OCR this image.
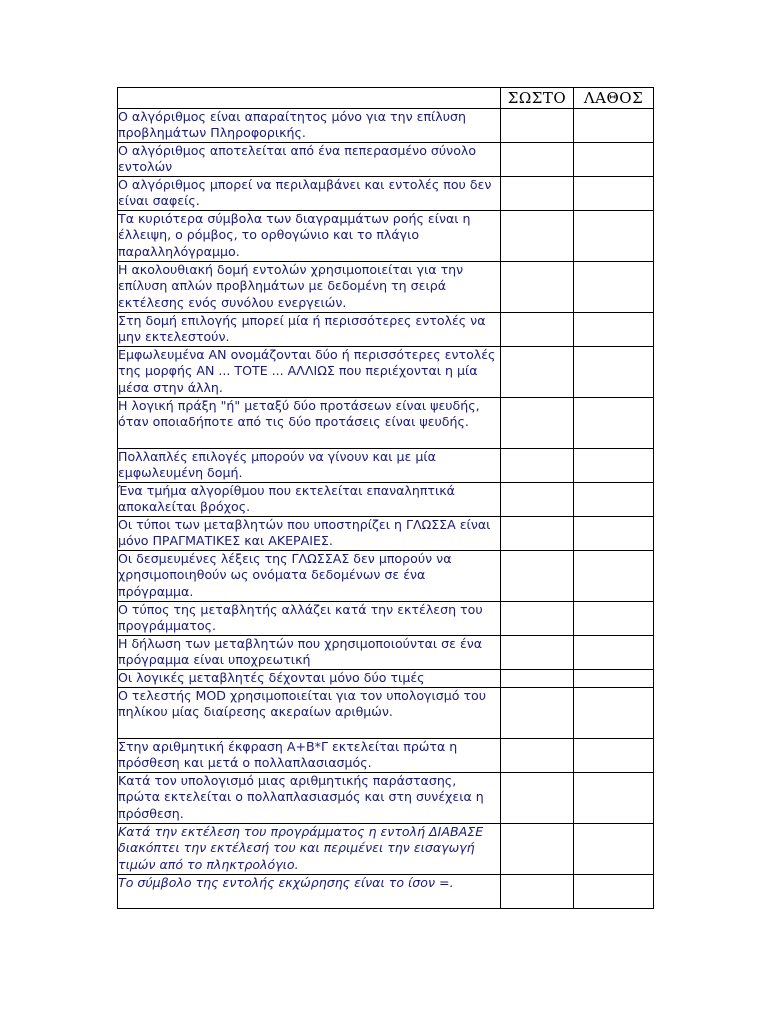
	ΣΩΣΤΟ	ΛΑΘΟΣ
Ο αλγόριθμος είναι απαραίτητος μόνο για την επίλυση προβλημάτων Πληροφορικής.		
Ο αλγόριθμος αποτελείται από ένα πεπερασμένο σύνολο εντολών		
Ο αλγόριθμος μπορεί να περιλαμβάνει και εντολές που δεν είναι σαφείς.		
Τα κυριότερα σύμβολα των διαγραμμάτων ροής είναι η έλλειψη, ο ρόμβος, το ορθογώνιο και το πλάγιο παραλληλόγραμμο.		
Η ακολουθιακή δομή εντολών χρησιμοποιείται για την επίλυση απλών προβλημάτων με δεδομένη τη σειρά εκτέλεσης ενός συνόλου ενεργειών.		
Στη δομή επιλογής μπορεί μία ή περισσότερες εντολές να μην εκτελεστούν.		
Εμφωλευμένα ΑΝ ονομάζονται δύο ή περισσότερες εντολές της μορφής ΑΝ ... ΤΟΤΕ ... ΑΛΛΙΩΣ που περιέχονται η μία μέσα στην άλλη.		
Η λογική πράξη "ή" μεταξύ δύο προτάσεων είναι ψευδής, όταν οποιαδήποτε από τις δύο προτάσεις είναι ψευδής.		
Πολλαπλές επιλογές μπορούν να γίνουν και με μία εμφωλευμένη δομή.		
Ένα τμήμα αλγορίθμου που εκτελείται επαναληπτικά αποκαλείται βρόχος.		
Οι τύποι των μεταβλητών που υποστηρίζει η ΓΛΩΣΣΑ είναι μόνο ΠΡΑΓΜΑΤΙΚΕΣ και ΑΚΕΡΑΙΕΣ.		
Οι δεσμευμένες λέξεις της ΓΛΩΣΣΑΣ δεν μπορούν να χρησιμοποιηθούν ως ονόματα δεδομένων σε ένα πρόγραμμα.		
Ο τύπος της μεταβλητής αλλάζει κατά την εκτέλεση του προγράμματος.		
Η δήλωση των μεταβλητών που χρησιμοποιούνται σε ένα πρόγραμμα είναι υποχρεωτική		
Οι λογικές μεταβλητές δέχονται μόνο δύο τιμές		
Ο τελεστής MOD χρησιμοποιείται για τον υπολογισμό του πηλίκου μίας διαίρεσης ακεραίων αριθμών.		
Στην αριθμητική έκφραση Α+Β*Γ εκτελείται πρώτα η πρόσθεση και μετά ο πολλαπλασιασμός.		
Κατά τον υπολογισμό μιας αριθμητικής παράστασης, πρώτα εκτελείται ο πολλαπλασιασμός και στη συνέχεια η πρόσθεση.		
Κατά την εκτέλεση του προγράμματος η εντολή ΔΙΑΒΑΣΕ διακόπτει την εκτέλεσή του και περιμένει την εισαγωγή τιμών από το πληκτρολόγιο.		
Το σύμβολο της εντολής εκχώρησης είναι το ίσον =.		
